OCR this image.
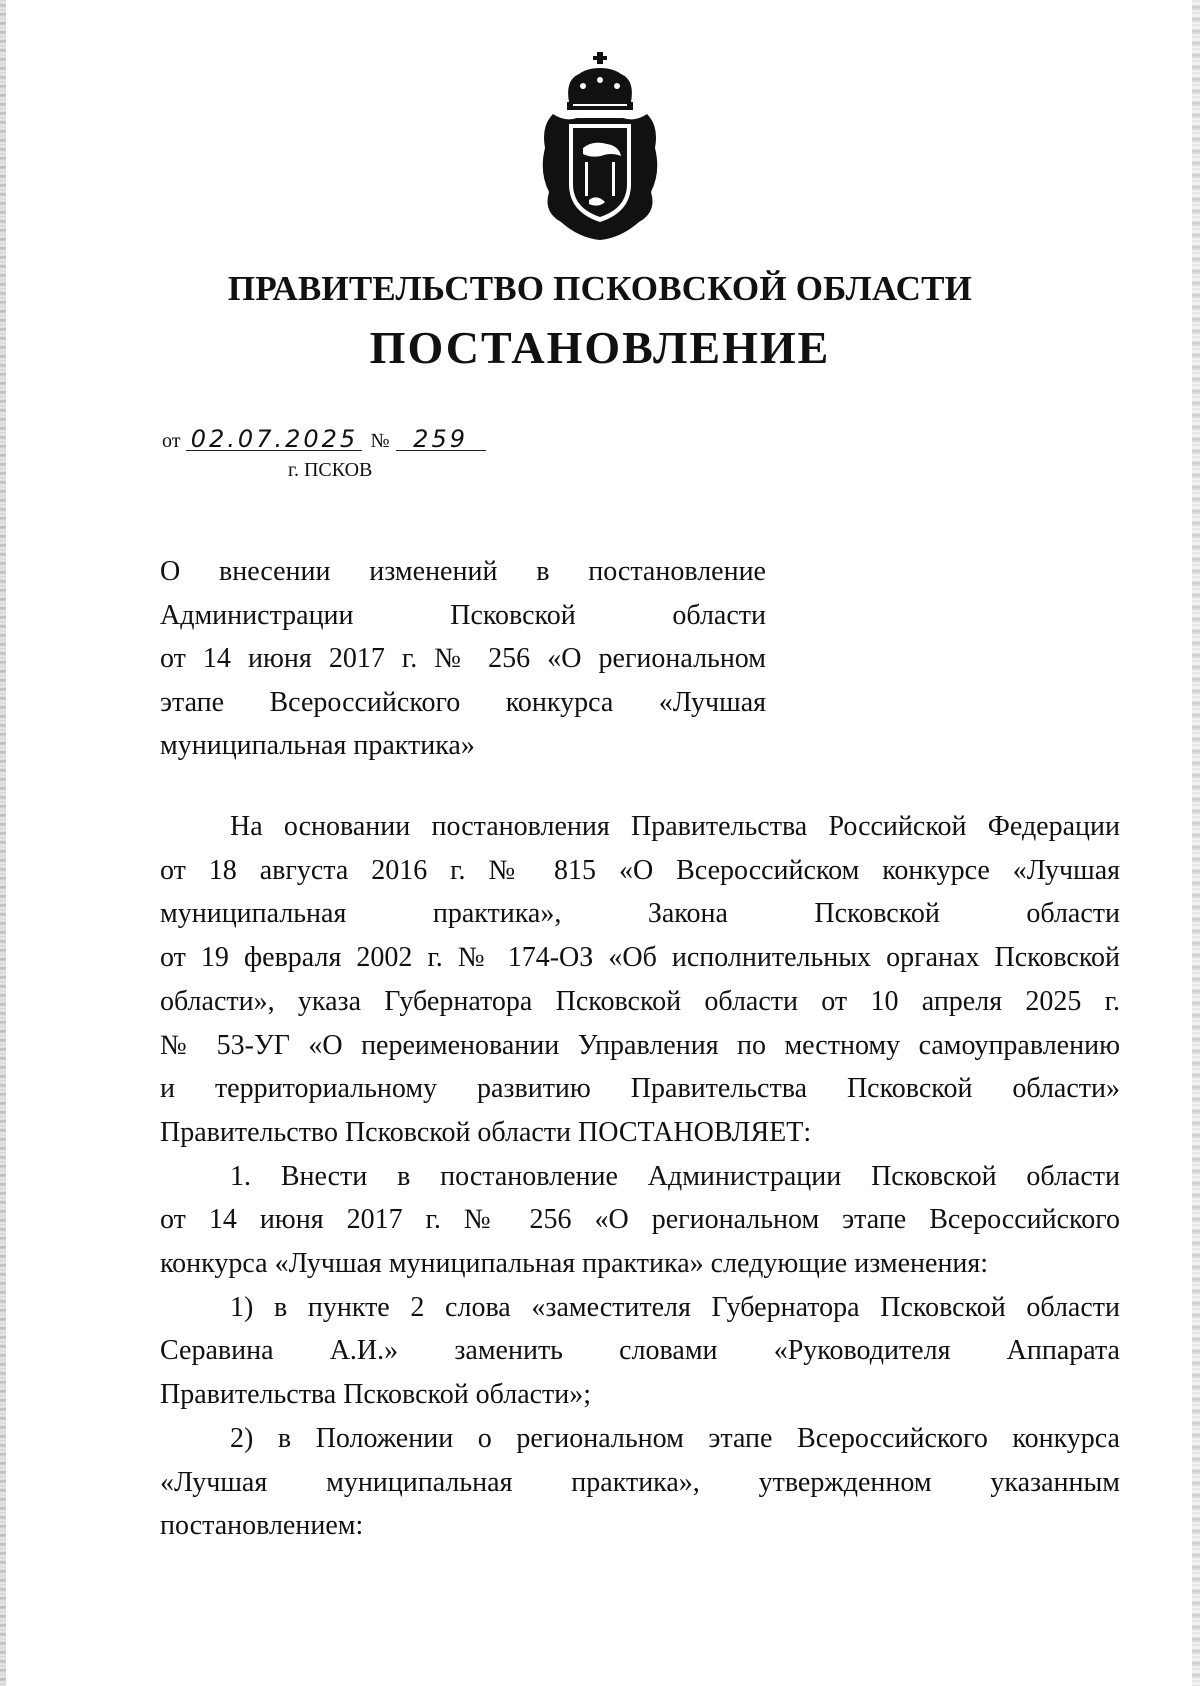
ПРАВИТЕЛЬСТВО ПСКОВСКОЙ ОБЛАСТИ
ПОСТАНОВЛЕНИЕ
от 02.07.2025 № 259
г. ПСКОВ
О внесении изменений в постановление
Администрации Псковской области
от 14 июня 2017 г. № 256 «О региональном
этапе Всероссийского конкурса «Лучшая
муниципальная практика»
На основании постановления Правительства Российской Федерации
от 18 августа 2016 г. № 815 «О Всероссийском конкурсе «Лучшая
муниципальная практика», Закона Псковской области
от 19 февраля 2002 г. № 174-ОЗ «Об исполнительных органах Псковской
области», указа Губернатора Псковской области от 10 апреля 2025 г.
№ 53-УГ «О переименовании Управления по местному самоуправлению
и территориальному развитию Правительства Псковской области»
Правительство Псковской области ПОСТАНОВЛЯЕТ:
1. Внести в постановление Администрации Псковской области
от 14 июня 2017 г. № 256 «О региональном этапе Всероссийского
конкурса «Лучшая муниципальная практика» следующие изменения:
1) в пункте 2 слова «заместителя Губернатора Псковской области
Серавина А.И.» заменить словами «Руководителя Аппарата
Правительства Псковской области»;
2) в Положении о региональном этапе Всероссийского конкурса
«Лучшая муниципальная практика», утвержденном указанным
постановлением:
